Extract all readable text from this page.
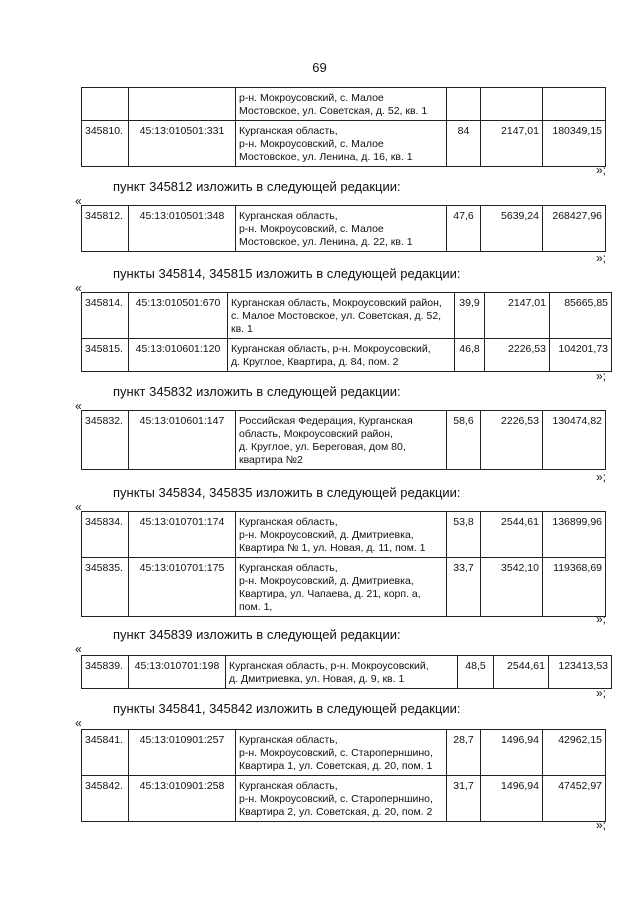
69

		р-н. Мокроусовский, с. Малое
Мостовское, ул. Советская, д. 52, кв. 1			

345810.	45:13:010501:331	Курганская область,
р-н. Мокроусовский, с. Малое
Мостовское, ул. Ленина, д. 16, кв. 1	84	2147,01	180349,15
»;
пункт 345812 изложить в следующей редакции:
«
345812.	45:13:010501:348	Курганская область,
р-н. Мокроусовский, с. Малое
Мостовское, ул. Ленина, д. 22, кв. 1
	47,6	5639,24	268427,96
»;
пункты 345814, 345815 изложить в следующей редакции:
«
345814.	45:13:010501:670	Курганская область, Мокроусовский район,
с. Малое Мостовское, ул. Советская, д. 52,
кв. 1	39,9	2147,01	85665,85
345815.	45:13:010601:120	Курганская область, р-н. Мокроусовский,
д. Круглое, Квартира, д. 84, пом. 2	46,8	2226,53	104201,73
»;
пункт 345832 изложить в следующей редакции:
«
345832.	45:13:010601:147	Российская Федерация, Курганская
область, Мокроусовский район,
д. Круглое, ул. Береговая, дом 80,
квартира №2
	58,6	2226,53	130474,82
»;
пункты 345834, 345835 изложить в следующей редакции:
«
345834.	45:13:010701:174	Курганская область,
р-н. Мокроусовский, д. Дмитриевка,
Квартира № 1, ул. Новая, д. 11, пом. 1	53,8	2544,61	136899,96
345835.	45:13:010701:175	Курганская область,
р-н. Мокроусовский, д. Дмитриевка,
Квартира, ул. Чапаева, д. 21, корп. а,
пом. 1,	33,7	3542,10	119368,69
»;
пункт 345839 изложить в следующей редакции:
«
345839.	45:13:010701:198	Курганская область, р-н. Мокроусовский,
д. Дмитриевка, ул. Новая, д. 9, кв. 1
	48,5	2544,61	123413,53
»;
пункты 345841, 345842 изложить в следующей редакции:
«
345841.	45:13:010901:257	Курганская область,
р-н. Мокроусовский, с. Староперншино,
Квартира 1, ул. Советская, д. 20, пом. 1	28,7	1496,94	42962,15
345842.	45:13:010901:258	Курганская область,
р-н. Мокроусовский, с. Староперншино,
Квартира 2, ул. Советская, д. 20, пом. 2	31,7	1496,94	47452,97
»;
